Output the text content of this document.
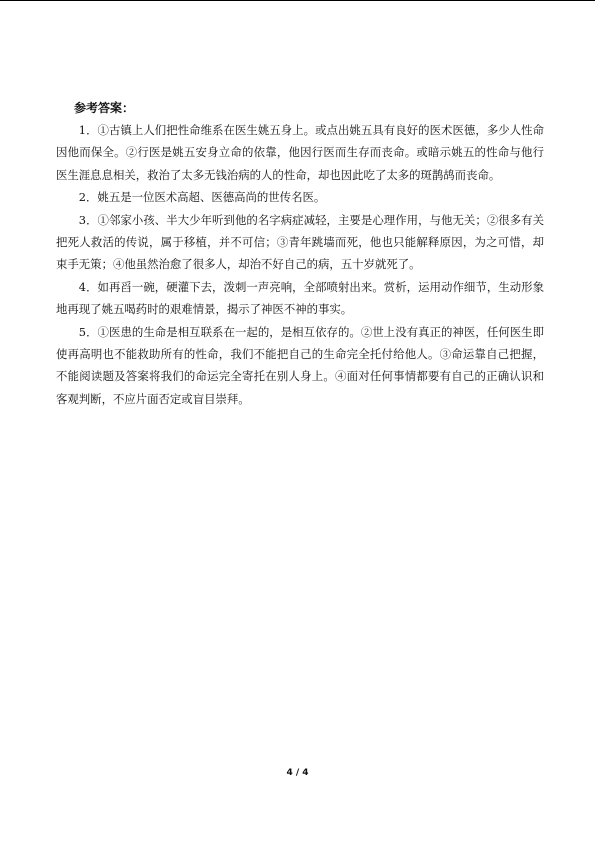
参考答案：

1．①古镇上人们把性命维系在医生姚五身上。或点出姚五具有良好的医术医德，多少人性命因他而保全。②行医是姚五安身立命的依靠，他因行医而生存而丧命。或暗示姚五的性命与他行医生涯息息相关，救治了太多无钱治病的人的性命，却也因此吃了太多的斑鹊鸪而丧命。

2．姚五是一位医术高超、医德高尚的世传名医。

3．①邻家小孩、半大少年听到他的名字病症减轻，主要是心理作用，与他无关；②很多有关把死人救活的传说，属于移植，并不可信；③青年跳墙而死，他也只能解释原因，为之可惜，却束手无策；④他虽然治愈了很多人，却治不好自己的病，五十岁就死了。

4．如再舀一碗，硬灌下去，泼刺一声亮响，全部喷射出来。赏析，运用动作细节，生动形象地再现了姚五喝药时的艰难情景，揭示了神医不神的事实。

5．①医患的生命是相互联系在一起的，是相互依存的。②世上没有真正的神医，任何医生即使再高明也不能救助所有的性命，我们不能把自己的生命完全托付给他人。③命运靠自己把握，不能阅读题及答案将我们的命运完全寄托在别人身上。④面对任何事情都要有自己的正确认识和客观判断，不应片面否定或盲目崇拜。

4 / 4
